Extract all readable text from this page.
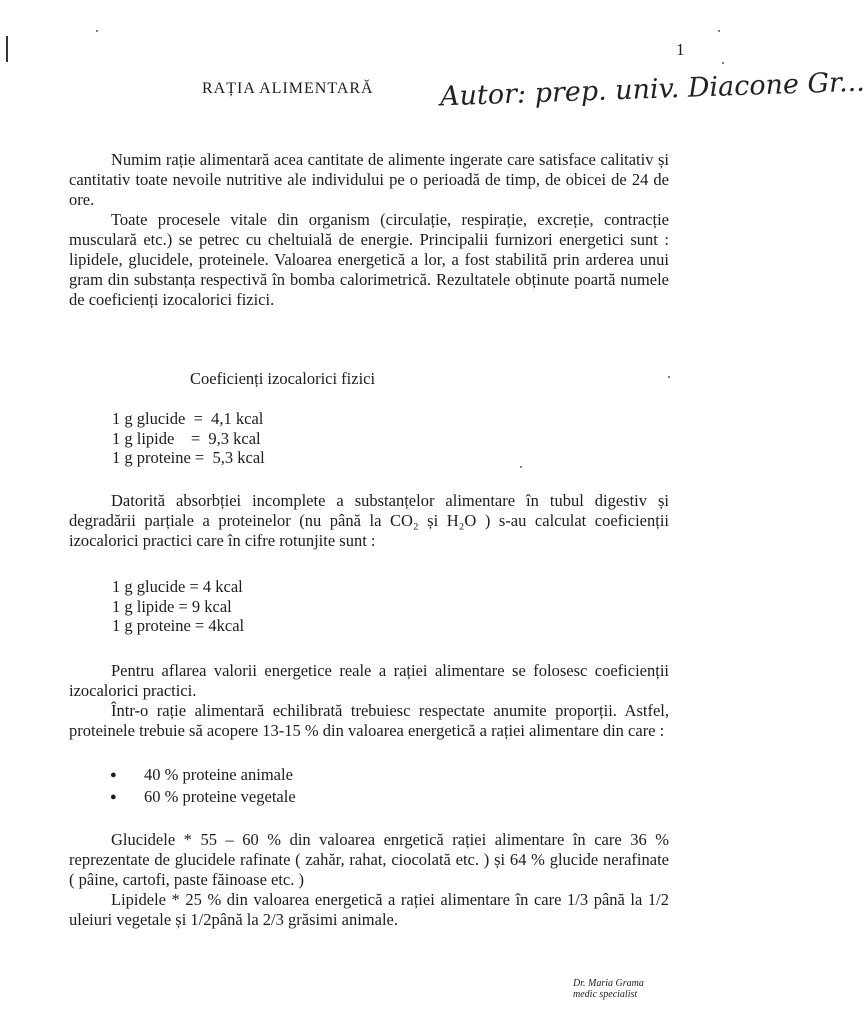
1
RAȚIA ALIMENTARĂ Autor: prep. univ. Diacone Gr...

Numim rație alimentară acea cantitate de alimente ingerate care satisface calitativ și cantitativ toate nevoile nutritive ale individului pe o perioadă de timp, de obicei de 24 de ore.

Toate procesele vitale din organism (circulație, respirație, excreție, contracție musculară etc.) se petrec cu cheltuială de energie. Principalii furnizori energetici sunt : lipidele, glucidele, proteinele. Valoarea energetică a lor, a fost stabilită prin arderea unui gram din substanța respectivă în bomba calorimetrică. Rezultatele obținute poartă numele de coeficienți izocalorici fizici.

Coeficienți izocalorici fizici
1 g glucide  =  4,1 kcal
1 g lipide    =  9,3 kcal
1 g proteine =  5,3 kcal

Datorită absorbției incomplete a substanțelor alimentare în tubul digestiv și degradării parțiale a proteinelor (nu până la CO₂ și H₂O ) s-au calculat coeficienții izocalorici practici care în cifre rotunjite sunt :

1 g glucide = 4 kcal
1 g lipide = 9 kcal
1 g proteine = 4kcal

Pentru aflarea valorii energetice reale a rației alimentare se folosesc coeficienții izocalorici practici.

Într-o rație alimentară echilibrată trebuiesc respectate anumite proporții. Astfel, proteinele trebuie să acopere 13-15 % din valoarea energetică a rației alimentare din care :

● 40 % proteine animale
● 60 % proteine vegetale

Glucidele * 55 – 60 % din valoarea enrgetică rației alimentare în care 36 % reprezentate de glucidele rafinate ( zahăr, rahat, ciocolată etc. ) și 64 % glucide nerafinate ( pâine, cartofi, paste făinoase etc. )

Lipidele * 25 % din valoarea energetică a rației alimentare în care 1/3 până la 1/2 uleiuri vegetale și 1/2până la 2/3 grăsimi animale.

Dr. Maria Grama
medic specialist
